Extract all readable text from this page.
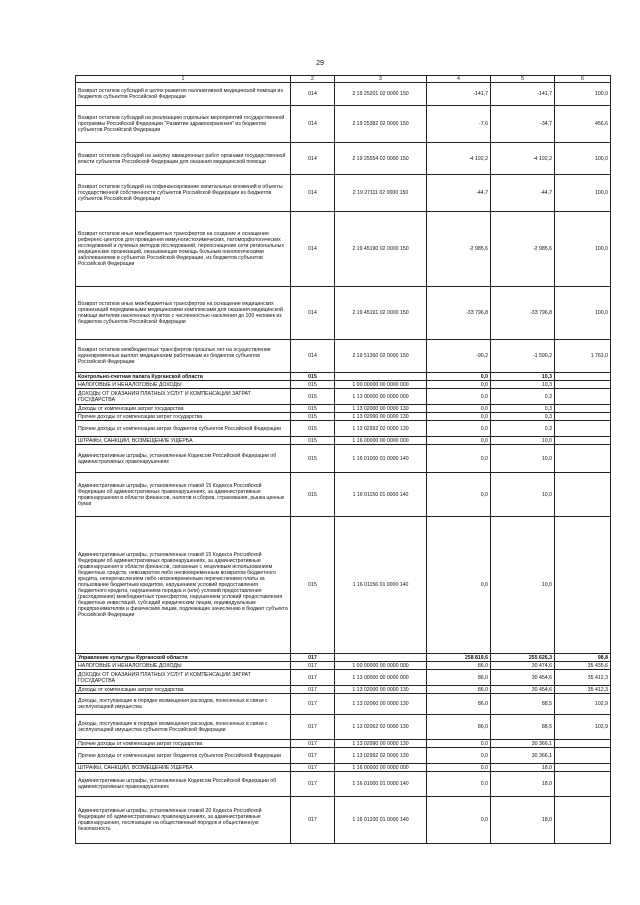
29
1	2	3	4	5	6
Возврат остатков субсидий в целях развития паллиативной медицинской помощи из бюджетов субъектов Российской Федерации	014	2 19 25201 02 0000 150	-141,7	-141,7	100,0
Возврат остатков субсидий на реализацию отдельных мероприятий государственной программы Российской Федерации "Развитие здравоохранения" из бюджетов субъектов Российской Федерации	014	2 19 25382 02 0000 150	-7,6	-34,7	456,6
Возврат остатков субсидий на закупку авиационных работ органами государственной власти субъектов Российской Федерации для оказания медицинской помощи	014	2 19 25554 02 0000 150	-4 192,2	-4 192,2	100,0
Возврат остатков субсидий на софинансирование капитальных вложений в объекты государственной собственности субъектов Российской Федерации из бюджетов субъектов Российской Федерации	014	2 19 27111 02 0000 150	-44,7	-44,7	100,0
Возврат остатков иных межбюджетных трансфертов на создание и оснащение референс-центров для проведения иммуногистохимических, патоморфологических исследований и лучевых методов исследований, переоснащение сети региональных медицинских организаций, оказывающих помощь больным онкологическими заболеваниями в субъектах Российской Федерации, из бюджетов субъектов Российской Федерации	014	2 19 45190 02 0000 150	-2 985,6	-2 985,6	100,0
Возврат остатков иных межбюджетных трансфертов на оснащение медицинских организаций передвижными медицинскими комплексами для оказания медицинской помощи жителям населенных пунктов с численностью населения до 100 человек из бюджетов субъектов Российской Федерации	014	2 19 45191 02 0000 150	-33 796,8	-33 796,8	100,0
Возврат остатков межбюджетных трансфертов прошлых лет на осуществление единовременных выплат медицинским работникам из бюджетов субъектов Российской Федерации	014	2 19 51360 02 0000 150	-90,2	-1 590,2	1 763,0
Контрольно-счетная палата Курганской области	015		0,0	10,3	
НАЛОГОВЫЕ И НЕНАЛОГОВЫЕ ДОХОДЫ	015	1 00 00000 00 0000 000	0,0	10,3	
ДОХОДЫ ОТ ОКАЗАНИЯ ПЛАТНЫХ УСЛУГ И КОМПЕНСАЦИИ ЗАТРАТ ГОСУДАРСТВА	015	1 13 00000 00 0000 000	0,0	0,3	
Доходы от компенсации затрат государства	015	1 13 02000 00 0000 130	0,0	0,3	
Прочие доходы от компенсации затрат государства	015	1 13 02990 00 0000 130	0,0	0,3	
Прочие доходы от компенсации затрат бюджетов субъектов Российской Федерации	015	1 13 02992 02 0000 130	0,0	0,3	
ШТРАФЫ, САНКЦИИ, ВОЗМЕЩЕНИЕ УЩЕРБА	015	1 16 00000 00 0000 000	0,0	10,0	
Административные штрафы, установленные Кодексом Российской Федерации об административных правонарушениях	015	1 16 01000 01 0000 140	0,0	10,0	
Административные штрафы, установленные главой 15 Кодекса Российской Федерации об административных правонарушениях, за административные правонарушения в области финансов, налогов и сборов, страхования, рынка ценных бумаг	015	1 16 01150 01 0000 140	0,0	10,0	
Административные штрафы, установленные главой 15 Кодекса Российской Федерации об административных правонарушениях, за административные правонарушения в области финансов, связанные с нецелевым использованием бюджетных средств, невозвратом либо несвоевременным возвратом бюджетного кредита, неперечислением либо несвоевременным перечислением платы за пользование бюджетным кредитом, нарушением условий предоставления бюджетного кредита, нарушением порядка и (или) условий предоставления (расходования) межбюджетных трансфертов, нарушением условий предоставления бюджетных инвестиций, субсидий юридическим лицам, индивидуальным предпринимателям и физическим лицам, подлежащие зачислению в бюджет субъекта Российской Федерации	015	1 16 01156 01 0000 140	0,0	10,0	
Управление культуры Курганской области	017		258 819,6	255 626,3	98,8
НАЛОГОВЫЕ И НЕНАЛОГОВЫЕ ДОХОДЫ	017	1 00 00000 00 0000 000	86,0	30 474,6	35 435,6
ДОХОДЫ ОТ ОКАЗАНИЯ ПЛАТНЫХ УСЛУГ И КОМПЕНСАЦИИ ЗАТРАТ ГОСУДАРСТВА	017	1 13 00000 00 0000 000	86,0	30 454,6	35 412,3
Доходы от компенсации затрат государства	017	1 13 02000 00 0000 130	86,0	30 454,6	35 412,3
Доходы, поступающие в порядке возмещения расходов, понесенных в связи с эксплуатацией имущества	017	1 13 02060 00 0000 130	86,0	88,5	102,9
Доходы, поступающие в порядке возмещения расходов, понесенных в связи с эксплуатацией имущества субъектов Российской Федерации	017	1 13 02062 02 0000 130	86,0	88,5	102,9
Прочие доходы от компенсации затрат государства	017	1 13 02990 00 0000 130	0,0	30 366,1	
Прочие доходы от компенсации затрат бюджетов субъектов Российской Федерации	017	1 13 02992 02 0000 130	0,0	30 366,1	
ШТРАФЫ, САНКЦИИ, ВОЗМЕЩЕНИЕ УЩЕРБА	017	1 16 00000 00 0000 000	0,0	18,0	
Административные штрафы, установленные Кодексом Российской Федерации об административных правонарушениях	017	1 16 01000 01 0000 140	0,0	18,0	
Административные штрафы, установленные главой 20 Кодекса Российской Федерации об административных правонарушениях, за административные правонарушения, посягающие на общественный порядок и общественную безопасность	017	1 16 01200 01 0000 140	0,0	18,0	
